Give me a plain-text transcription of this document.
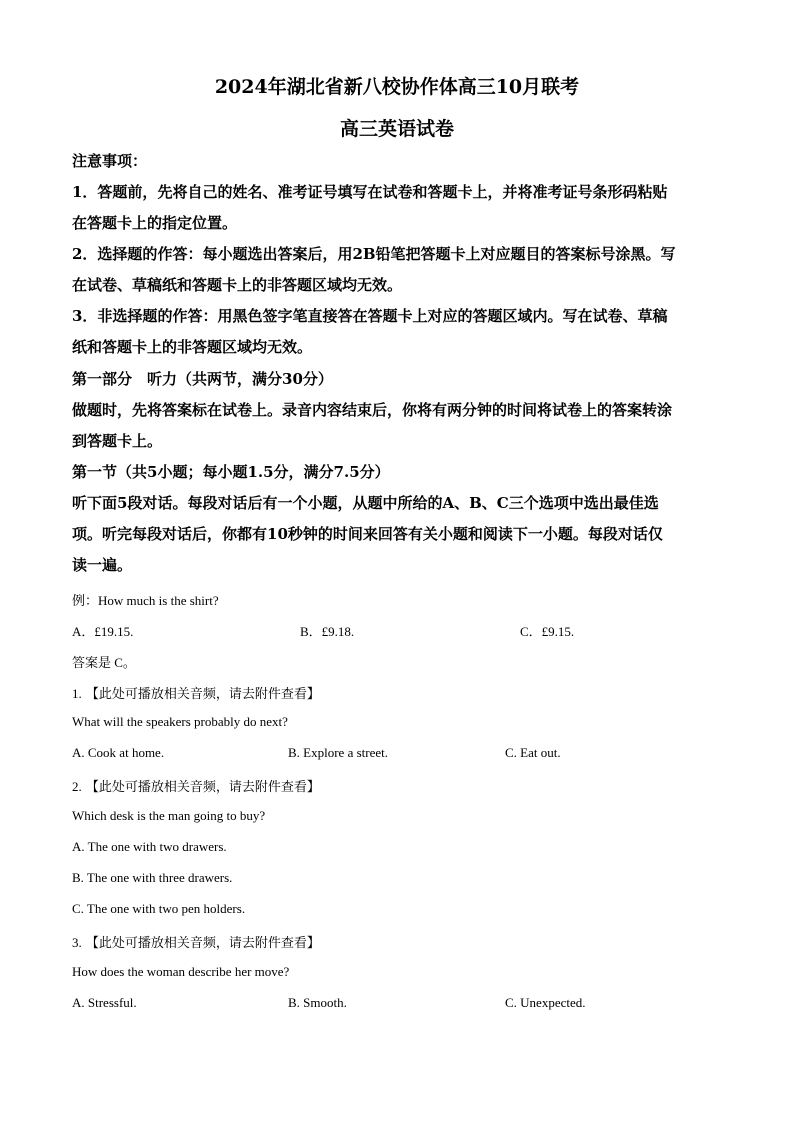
2024年湖北省新八校协作体高三10月联考
高三英语试卷
注意事项：
1．答题前，先将自己的姓名、准考证号填写在试卷和答题卡上，并将准考证号条形码粘贴
在答题卡上的指定位置。
2．选择题的作答：每小题选出答案后，用2B铅笔把答题卡上对应题目的答案标号涂黑。写
在试卷、草稿纸和答题卡上的非答题区域均无效。
3．非选择题的作答：用黑色签字笔直接答在答题卡上对应的答题区域内。写在试卷、草稿
纸和答题卡上的非答题区域均无效。
第一部分　听力（共两节，满分30分）
做题时，先将答案标在试卷上。录音内容结束后，你将有两分钟的时间将试卷上的答案转涂
到答题卡上。
第一节（共5小题；每小题1.5分，满分7.5分）
听下面5段对话。每段对话后有一个小题，从题中所给的A、B、C三个选项中选出最佳选
项。听完每段对话后，你都有10秒钟的时间来回答有关小题和阅读下一小题。每段对话仅
读一遍。
例：How much is the shirt?
A．£19.15.	B．£9.18.	C．£9.15.
答案是 C。
1. 【此处可播放相关音频，请去附件查看】
What will the speakers probably do next?
A. Cook at home.	B. Explore a street.	C. Eat out.
2. 【此处可播放相关音频，请去附件查看】
Which desk is the man going to buy?
A. The one with two drawers.
B. The one with three drawers.
C. The one with two pen holders.
3. 【此处可播放相关音频，请去附件查看】
How does the woman describe her move?
A. Stressful.	B. Smooth.	C. Unexpected.
